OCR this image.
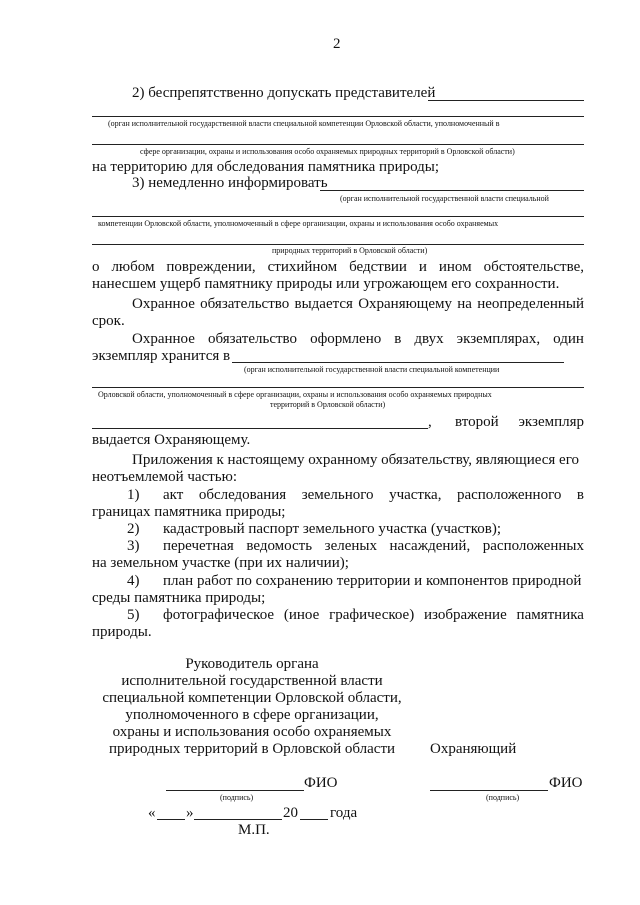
2
2) беспрепятственно допускать представителей
(орган исполнительной государственной власти специальной компетенции Орловской области, уполномоченный в
сфере организации, охраны и использования особо охраняемых природных территорий в Орловской области)
на территорию для обследования памятника природы;
3) немедленно информировать
(орган исполнительной государственной власти специальной
компетенции Орловской области, уполномоченный в сфере организации, охраны и использования особо охраняемых
природных территорий в Орловской области)
о любом повреждении, стихийном бедствии и ином обстоятельстве,
нанесшем ущерб памятнику природы или угрожающем его сохранности.
Охранное обязательство выдается Охраняющему на неопределенный
срок.
Охранное обязательство оформлено в двух экземплярах, один
экземпляр хранится в
(орган исполнительной государственной власти специальной компетенции
Орловской области, уполномоченный в сфере организации, охраны и использования особо охраняемых природных
территорий в Орловской области)
, второй экземпляр
выдается Охраняющему.
Приложения к настоящему охранному обязательству, являющиеся его
неотъемлемой частью:
1) акт обследования земельного участка, расположенного в
границах памятника природы;
2) кадастровый паспорт земельного участка (участков);
3) перечетная ведомость зеленых насаждений, расположенных
на земельном участке (при их наличии);
4) план работ по сохранению территории и компонентов природной
среды памятника природы;
5) фотографическое (иное графическое) изображение памятника
природы.
Руководитель органа
исполнительной государственной власти
специальной компетенции Орловской области,
уполномоченного в сфере организации,
охраны и использования особо охраняемых
природных территорий в Орловской области	Охраняющий
ФИО
(подпись)
ФИО
(подпись)
« »	20 года
М.П.
